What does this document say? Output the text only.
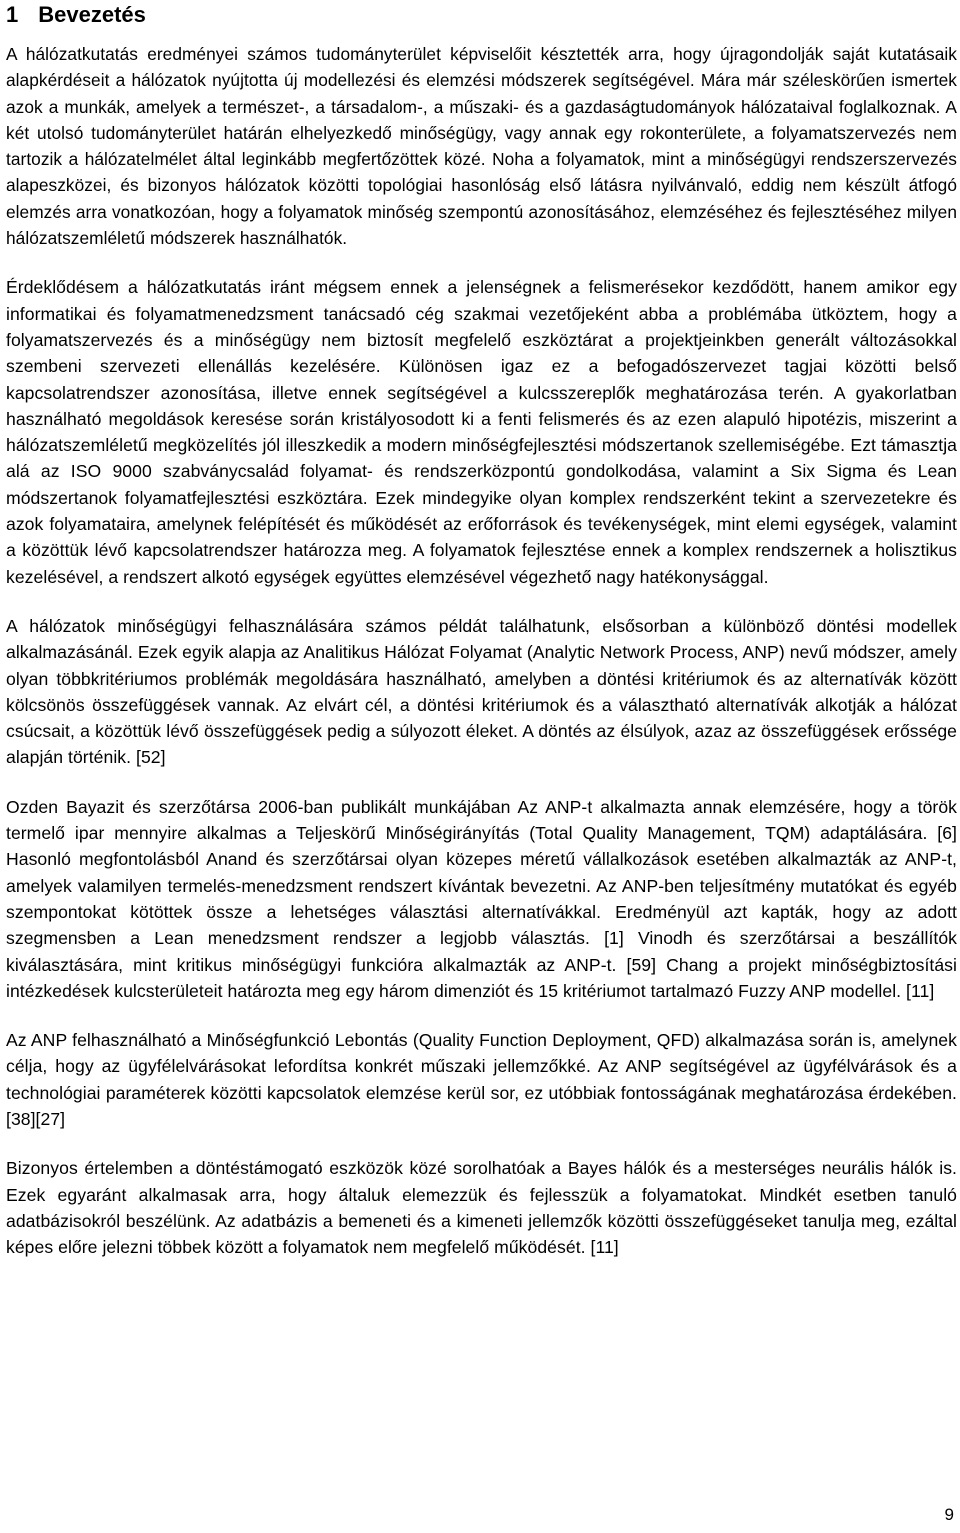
1 Bevezetés

A hálózatkutatás eredményei számos tudományterület képviselőit késztették arra, hogy újragondolják saját kutatásaik alapkérdéseit a hálózatok nyújtotta új modellezési és elemzési módszerek segítségével. Mára már széleskörűen ismertek azok a munkák, amelyek a természet-, a társadalom-, a műszaki- és a gazdaságtudományok hálózataival foglalkoznak. A két utolsó tudományterület határán elhelyezkedő minőségügy, vagy annak egy rokonterülete, a folyamatszervezés nem tartozik a hálózatelmélet által leginkább megfertőzöttek közé. Noha a folyamatok, mint a minőségügyi rendszerszervezés alapeszközei, és bizonyos hálózatok közötti topológiai hasonlóság első látásra nyilvánvaló, eddig nem készült átfogó elemzés arra vonatkozóan, hogy a folyamatok minőség szempontú azonosításához, elemzéséhez és fejlesztéséhez milyen hálózatszemléletű módszerek használhatók.

Érdeklődésem a hálózatkutatás iránt mégsem ennek a jelenségnek a felismerésekor kezdődött, hanem amikor egy informatikai és folyamatmenedzsment tanácsadó cég szakmai vezetőjeként abba a problémába ütköztem, hogy a folyamatszervezés és a minőségügy nem biztosít megfelelő eszköztárat a projektjeinkben generált változásokkal szembeni szervezeti ellenállás kezelésére. Különösen igaz ez a befogadószervezet tagjai közötti belső kapcsolatrendszer azonosítása, illetve ennek segítségével a kulcsszereplők meghatározása terén. A gyakorlatban használható megoldások keresése során kristályosodott ki a fenti felismerés és az ezen alapuló hipotézis, miszerint a hálózatszemléletű megközelítés jól illeszkedik a modern minőségfejlesztési módszertanok szellemiségébe. Ezt támasztja alá az ISO 9000 szabványcsalád folyamat- és rendszerközpontú gondolkodása, valamint a Six Sigma és Lean módszertanok folyamatfejlesztési eszköztára. Ezek mindegyike olyan komplex rendszerként tekint a szervezetekre és azok folyamataira, amelynek felépítését és működését az erőforrások és tevékenységek, mint elemi egységek, valamint a közöttük lévő kapcsolatrendszer határozza meg. A folyamatok fejlesztése ennek a komplex rendszernek a holisztikus kezelésével, a rendszert alkotó egységek együttes elemzésével végezhető nagy hatékonysággal.

A hálózatok minőségügyi felhasználására számos példát találhatunk, elsősorban a különböző döntési modellek alkalmazásánál. Ezek egyik alapja az Analitikus Hálózat Folyamat (Analytic Network Process, ANP) nevű módszer, amely olyan többkritériumos problémák megoldására használható, amelyben a döntési kritériumok és az alternatívák között kölcsönös összefüggések vannak. Az elvárt cél, a döntési kritériumok és a választható alternatívák alkotják a hálózat csúcsait, a közöttük lévő összefüggések pedig a súlyozott éleket. A döntés az élsúlyok, azaz az összefüggések erőssége alapján történik. [52]

Ozden Bayazit és szerzőtársa 2006-ban publikált munkájában Az ANP-t alkalmazta annak elemzésére, hogy a török termelő ipar mennyire alkalmas a Teljeskörű Minőségirányítás (Total Quality Management, TQM) adaptálására. [6] Hasonló megfontolásból Anand és szerzőtársai olyan közepes méretű vállalkozások esetében alkalmazták az ANP-t, amelyek valamilyen termelés-menedzsment rendszert kívántak bevezetni. Az ANP-ben teljesítmény mutatókat és egyéb szempontokat kötöttek össze a lehetséges választási alternatívákkal. Eredményül azt kapták, hogy az adott szegmensben a Lean menedzsment rendszer a legjobb választás. [1] Vinodh és szerzőtársai a beszállítók kiválasztására, mint kritikus minőségügyi funkcióra alkalmazták az ANP-t. [59] Chang a projekt minőségbiztosítási intézkedések kulcsterületeit határozta meg egy három dimenziót és 15 kritériumot tartalmazó Fuzzy ANP modellel. [11]

Az ANP felhasználható a Minőségfunkció Lebontás (Quality Function Deployment, QFD) alkalmazása során is, amelynek célja, hogy az ügyfélelvárásokat lefordítsa konkrét műszaki jellemzőkké. Az ANP segítségével az ügyfélvárások és a technológiai paraméterek közötti kapcsolatok elemzése kerül sor, ez utóbbiak fontosságának meghatározása érdekében. [38][27]

Bizonyos értelemben a döntéstámogató eszközök közé sorolhatóak a Bayes hálók és a mesterséges neurális hálók is. Ezek egyaránt alkalmasak arra, hogy általuk elemezzük és fejlesszük a folyamatokat. Mindkét esetben tanuló adatbázisokról beszélünk. Az adatbázis a bemeneti és a kimeneti jellemzők közötti összefüggéseket tanulja meg, ezáltal képes előre jelezni többek között a folyamatok nem megfelelő működését. [11]

9
